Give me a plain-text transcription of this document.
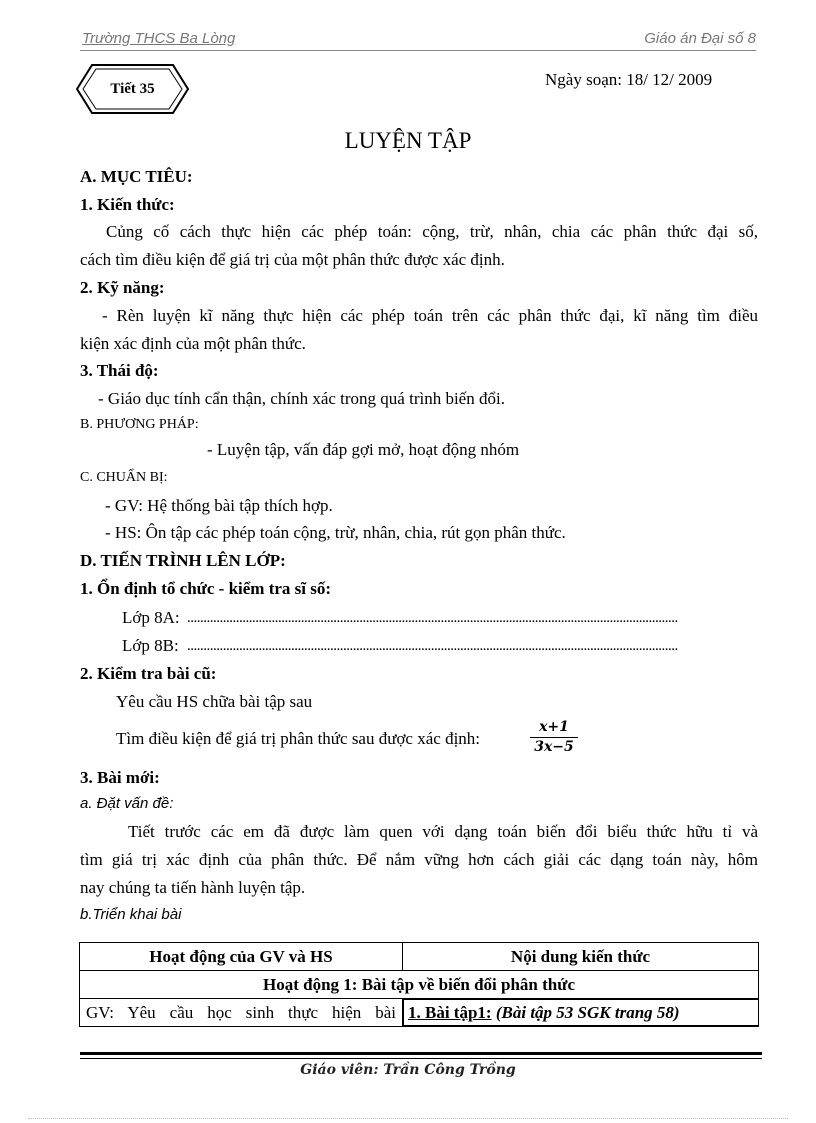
Trường THCS Ba Lòng	Giáo án Đại số 8
Tiết 35	Ngày soạn: 18/ 12/ 2009
LUYỆN TẬP
A. MỤC TIÊU:
1. Kiến thức:
Củng cố cách thực hiện các phép toán: cộng, trừ, nhân, chia các phân thức đại số,
cách tìm điều kiện để giá trị của một phân thức được xác định.
2. Kỹ năng:
- Rèn luyện kĩ năng thực hiện các phép toán trên các phân thức đại, kĩ năng tìm điều
kiện xác định của một phân thức.
3. Thái độ:
- Giáo dục tính cẩn thận, chính xác trong quá trình biến đổi.
B. PHƯƠNG PHÁP:
- Luyện tập, vấn đáp gợi mở, hoạt động nhóm
C. CHUẨN BỊ:
- GV: Hệ thống bài tập thích hợp.
- HS: Ôn tập các phép toán cộng, trừ, nhân, chia, rút gọn phân thức.
D. TIẾN TRÌNH LÊN LỚP:
1. Ổn định tổ chức - kiểm tra sĩ số:
Lớp 8A: .......................................................................................................................................................
Lớp 8B: .......................................................................................................................................................
2. Kiểm tra bài cũ:
Yêu cầu HS chữa bài tập sau
Tìm điều kiện để giá trị phân thức sau được xác định:	$\frac{x+1}{3x-5}$
3. Bài mới:
a. Đặt vấn đề:
Tiết trước các em đã được làm quen với dạng toán biến đổi biểu thức hữu tỉ và
tìm giá trị xác định của phân thức. Để nắm vững hơn cách giải các dạng toán này, hôm
nay chúng ta tiến hành luyện tập.
b.Triển khai bài
Hoạt động của GV và HS	Nội dung kiến thức
Hoạt động 1: Bài tập về biến đổi phân thức	
GV: Yêu cầu học sinh thực hiện bài	1. Bài tập1: (Bài tập 53 SGK trang 58)
Giáo viên: Trần Công Trồng
